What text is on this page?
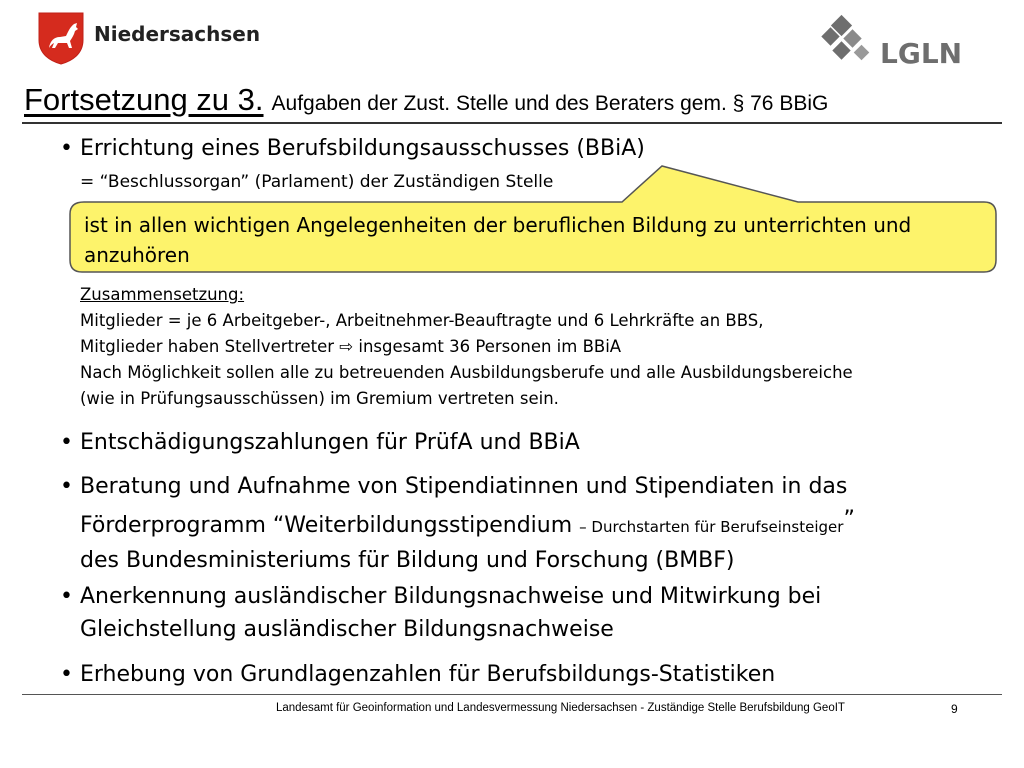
Niedersachsen
LGLN
Fortsetzung zu 3. Aufgaben der Zust. Stelle und des Beraters gem. § 76 BBiG
• Errichtung eines Berufsbildungsausschusses (BBiA)
= “Beschlussorgan” (Parlament) der Zuständigen Stelle
ist in allen wichtigen Angelegenheiten der beruflichen Bildung zu unterrichten und anzuhören
Zusammensetzung:
Mitglieder = je 6 Arbeitgeber-, Arbeitnehmer-Beauftragte und 6 Lehrkräfte an BBS,
Mitglieder haben Stellvertreter ⇨ insgesamt 36 Personen im BBiA
Nach Möglichkeit sollen alle zu betreuenden Ausbildungsberufe und alle Ausbildungsbereiche
(wie in Prüfungsausschüssen) im Gremium vertreten sein.
• Entschädigungszahlungen für PrüfA und BBiA
• Beratung und Aufnahme von Stipendiatinnen und Stipendiaten in das
Förderprogramm “Weiterbildungsstipendium – Durchstarten für Berufseinsteiger”
des Bundesministeriums für Bildung und Forschung (BMBF)
• Anerkennung ausländischer Bildungsnachweise und Mitwirkung bei
Gleichstellung ausländischer Bildungsnachweise
• Erhebung von Grundlagenzahlen für Berufsbildungs-Statistiken
Landesamt für Geoinformation und Landesvermessung Niedersachsen - Zuständige Stelle Berufsbildung GeoIT	9
